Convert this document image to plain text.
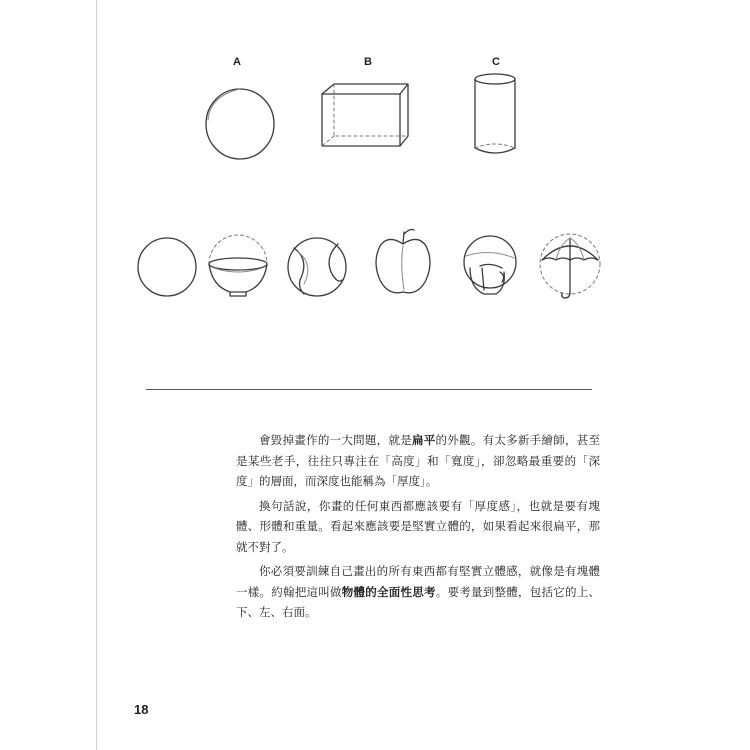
A	B	C

會毀掉畫作的一大問題，就是扁平的外觀。有太多新手繪師，甚至是某些老手，往往只專注在「高度」和「寬度」，卻忽略最重要的「深度」的層面，而深度也能稱為「厚度」。

換句話說，你畫的任何東西都應該要有「厚度感」，也就是要有塊體、形體和重量。看起來應該要是堅實立體的，如果看起來很扁平，那就不對了。

你必須要訓練自己畫出的所有東西都有堅實立體感，就像是有塊體一樣。約翰把這叫做物體的全面性思考。要考量到整體，包括它的上、下、左、右面。

18
